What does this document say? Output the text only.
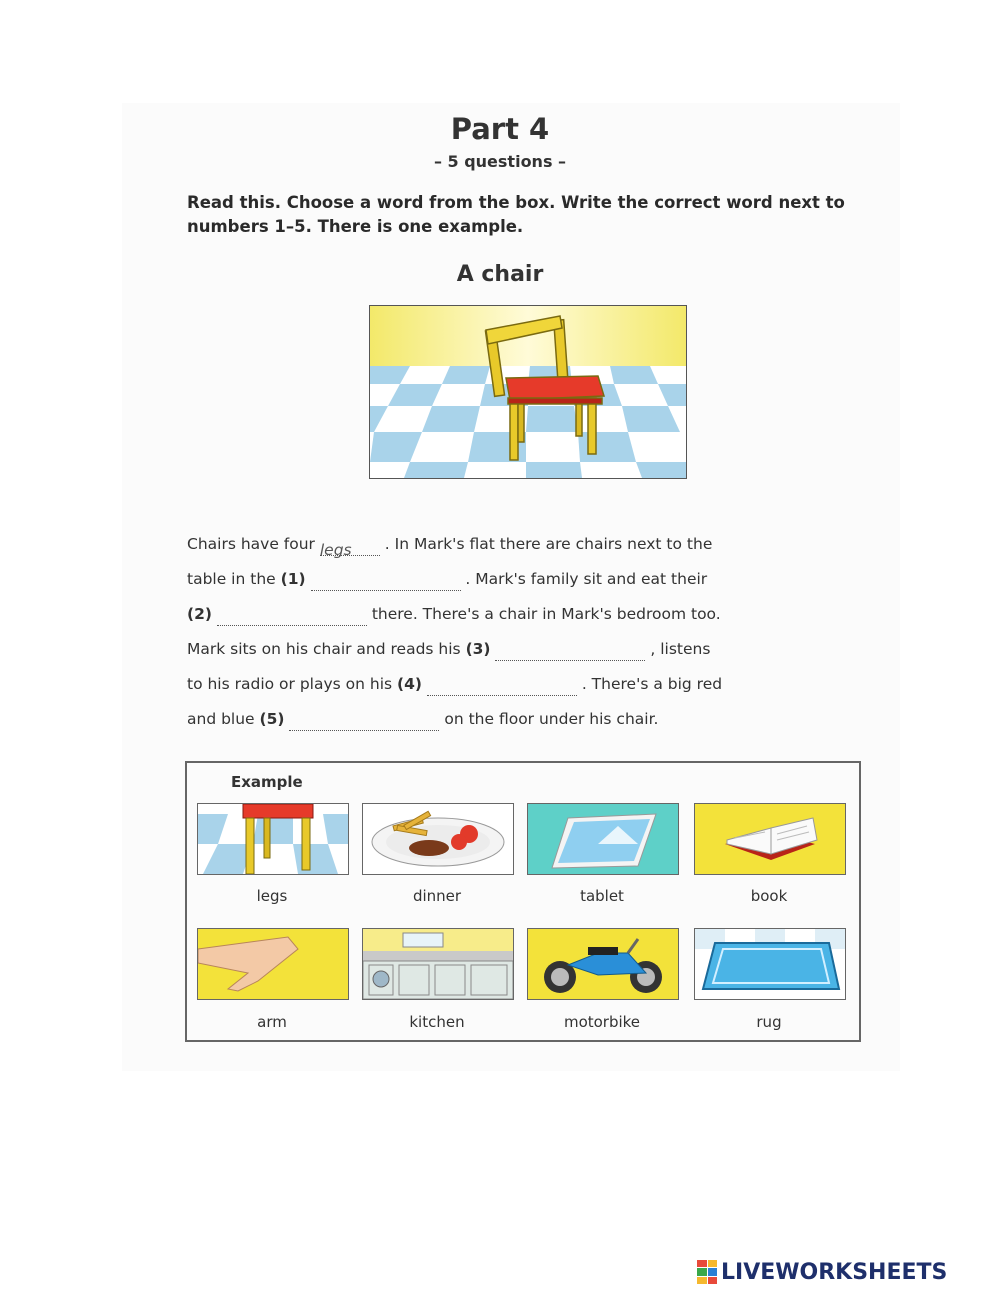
Part 4
– 5 questions –
Read this. Choose a word from the box. Write the correct word next to numbers 1–5. There is one example.
A chair
Chairs have four legs . In Mark's flat there are chairs next to the
table in the (1)	. Mark's family sit and eat their
(2)	there. There's a chair in Mark's bedroom too.
Mark sits on his chair and reads his (3)	, listens
to his radio or plays on his (4)	. There's a big red
and blue (5)	on the floor under his chair.
Example
legs	dinner	tablet	book
arm	kitchen	motorbike	rug
LIVEWORKSHEETS
